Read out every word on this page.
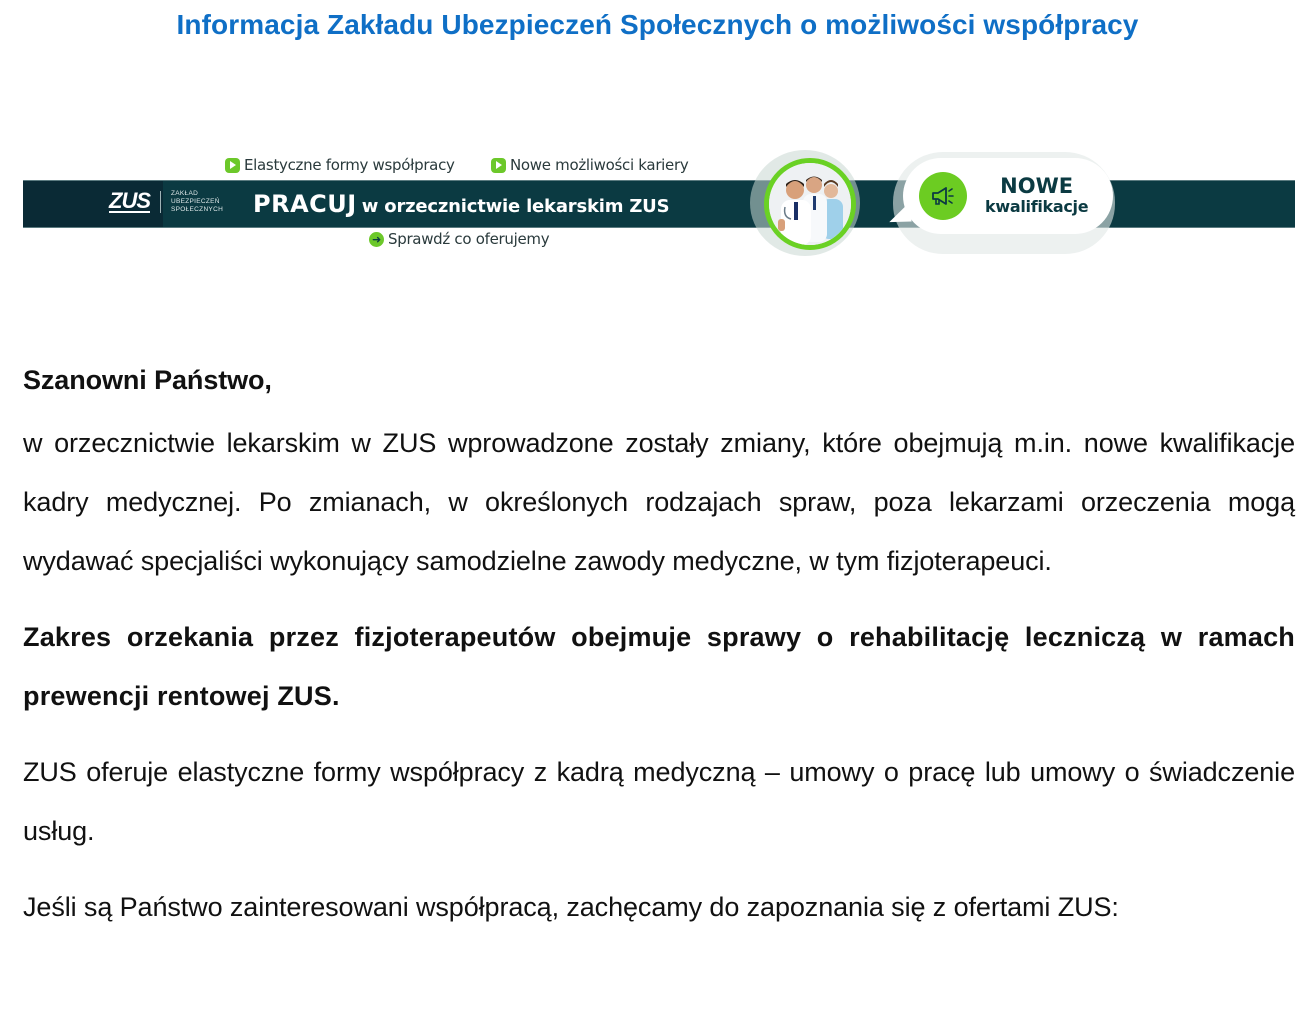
Informacja Zakładu Ubezpieczeń Społecznych o możliwości współpracy
Elastyczne formy współpracy	Nowe możliwości kariery
ZUS	ZAKŁAD
UBEZPIECZEŃ
SPOŁECZNYCH PRACUJ w orzecznictwie lekarskim ZUS
➜ Sprawdź co oferujemy
NOWE
kwalifikacje
Szanowni Państwo,

w orzecznictwie lekarskim w ZUS wprowadzone zostały zmiany, które obejmują m.in. nowe kwalifikacje kadry medycznej. Po zmianach, w określonych rodzajach spraw, poza lekarzami orzeczenia mogą wydawać specjaliści wykonujący samodzielne zawody medyczne, w tym fizjoterapeuci.

Zakres orzekania przez fizjoterapeutów obejmuje sprawy o rehabilitację leczniczą w ramach prewencji rentowej ZUS.

ZUS oferuje elastyczne formy współpracy z kadrą medyczną – umowy o pracę lub umowy o świadczenie usług.

Jeśli są Państwo zainteresowani współpracą, zachęcamy do zapoznania się z ofertami ZUS:
